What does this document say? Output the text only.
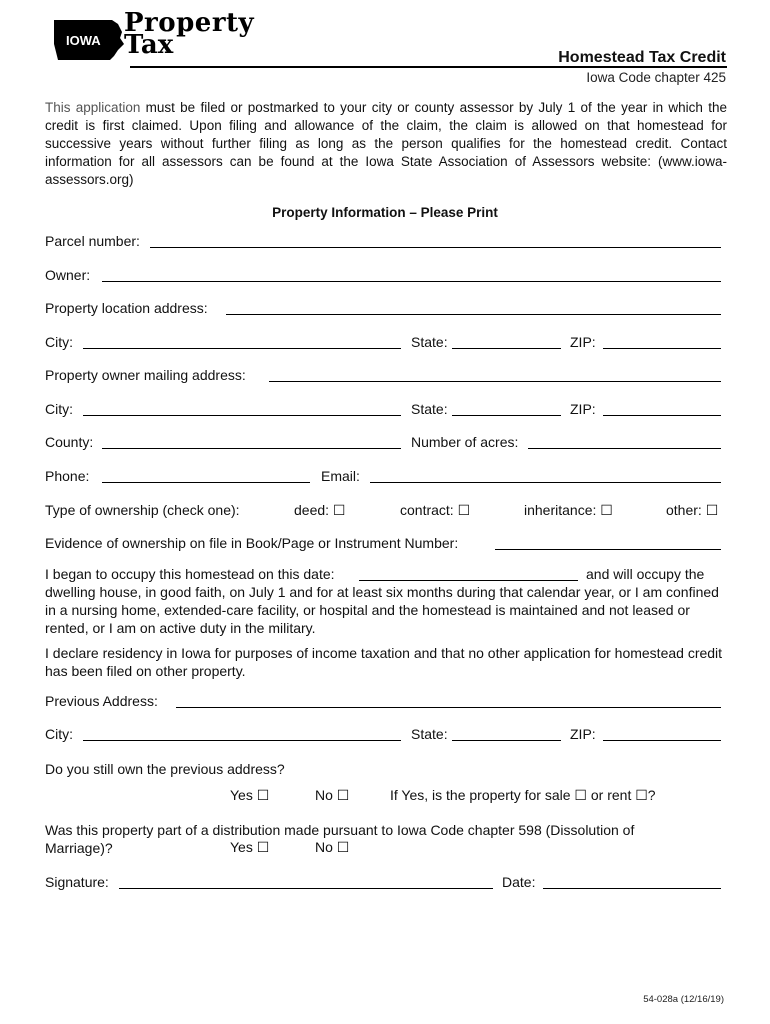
IOWA
Property
Tax	Homestead Tax Credit
Iowa Code chapter 425
This application must be filed or postmarked to your city or county assessor by July 1 of the year in which the credit is first claimed. Upon filing and allowance of the claim, the claim is allowed on that homestead for successive years without further filing as long as the person qualifies for the homestead credit. Contact information for all assessors can be found at the Iowa State Association of Assessors website: (www.iowa-assessors.org)
Property Information – Please Print
Parcel number:
Owner:
Property location address:
City:	State:	ZIP:
Property owner mailing address:
City:	State:	ZIP:
County:	Number of acres:
Phone:	Email:
Type of ownership (check one):	deed: ☐	contract: ☐	inheritance: ☐	other: ☐
Evidence of ownership on file in Book/Page or Instrument Number:
I began to occupy this homestead on this date:	and will occupy the
dwelling house, in good faith, on July 1 and for at least six months during that calendar year, or I am confined in a nursing home, extended-care facility, or hospital and the homestead is maintained and not leased or rented, or I am on active duty in the military.
I declare residency in Iowa for purposes of income taxation and that no other application for homestead credit has been filed on other property.
Previous Address:
City:	State:	ZIP:
Do you still own the previous address?
Yes ☐	No ☐	If Yes, is the property for sale ☐ or rent ☐?
Was this property part of a distribution made pursuant to Iowa Code chapter 598 (Dissolution of Marriage)?	Yes ☐	No ☐
Signature:	Date:
54-028a (12/16/19)
